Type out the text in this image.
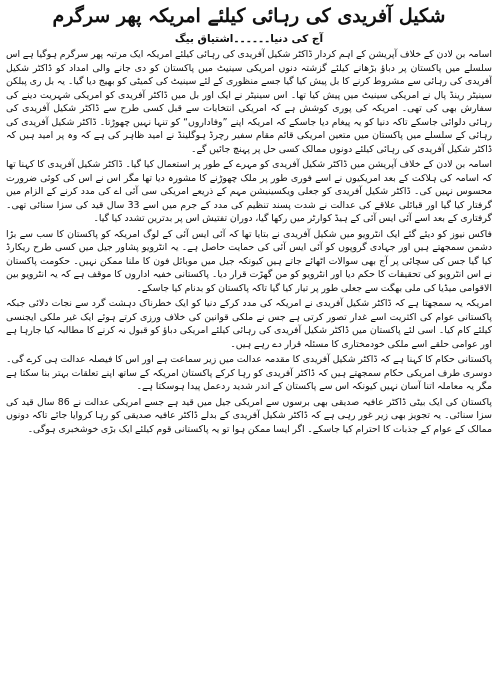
شکیل آفریدی کی رہائی کیلئے امریکہ پھر سرگرم
آج کی دنیا۔۔۔۔۔۔اشتیاق بیگ

اسامہ بن لادن کے خلاف آپریشن کے اہم کردار ڈاکٹر شکیل آفریدی کی رہائی کیلئے امریکہ ایک مرتبہ پھر سرگرم ہوگیا ہے اس سلسلے میں پاکستان پر دباؤ بڑھانے کیلئے گزشتہ دنوں امریکی سینیٹ میں پاکستان کو دی جانے والی امداد کو ڈاکٹر شکیل آفریدی کی رہائی سے مشروط کرنے کا بل پیش کیا گیا جسے منظوری کے لئے سینیٹ کی کمیٹی کو بھیج دیا گیا۔ یہ بل ری پبلکن سینیٹر رینڈ پال نے امریکی سینیٹ میں پیش کیا تھا۔ اس سینیٹر نے ایک اور بل میں ڈاکٹر آفریدی کو امریکی شہریت دینے کی سفارش بھی کی تھی۔ امریکہ کی پوری کوشش ہے کہ امریکی انتخابات سے قبل کسی طرح سے ڈاکٹر شکیل آفریدی کی رہائی دلوائی جاسکے تاکہ دنیا کو یہ پیغام دیا جاسکے کہ امریکہ اپنے ”وفاداروں“ کو تنہا نہیں چھوڑتا۔ ڈاکٹر شکیل آفریدی کی رہائی کے سلسلے میں پاکستان میں متعین امریکی قائم مقام سفیر رچرڈ ہوگلینڈ نے امید ظاہر کی ہے کہ وہ پر امید ہیں کہ ڈاکٹر شکیل آفریدی کی رہائی کیلئے دونوں ممالک کسی حل پر پہنچ جائیں گے۔

اسامہ بن لادن کے خلاف آپریشن میں ڈاکٹر شکیل آفریدی کو مہرے کے طور پر استعمال کیا گیا۔ ڈاکٹر شکیل آفریدی کا کہنا تھا کہ اسامہ کی ہلاکت کے بعد امریکیوں نے اسے فوری طور پر ملک چھوڑنے کا مشورہ دیا تھا مگر اس نے اس کی کوئی ضرورت محسوس نہیں کی۔ ڈاکٹر شکیل آفریدی کو جعلی ویکسینیشن مہم کے ذریعے امریکی سی آئی اے کی مدد کرنے کے الزام میں گرفتار کیا گیا اور قبائلی علاقے کی عدالت نے شدت پسند تنظیم کی مدد کے جرم میں اسے 33 سال قید کی سزا سنائی تھی۔ گرفتاری کے بعد اسے آئی ایس آئی کے ہیڈ کوارٹر میں رکھا گیا، دوران تفتیش اس پر بدترین تشدد کیا گیا۔

فاکس نیوز کو دیئے گئے ایک انٹرویو میں شکیل آفریدی نے بتایا تھا کہ آئی ایس آئی کے لوگ امریکہ کو پاکستان کا سب سے بڑا دشمن سمجھتے ہیں اور جہادی گروپوں کو آئی ایس آئی کی حمایت حاصل ہے۔ یہ انٹرویو پشاور جیل میں کسی طرح ریکارڈ کیا گیا جس کی سچائی پر آج بھی سوالات اٹھائے جاتے ہیں کیونکہ جیل میں موبائل فون کا ملنا ممکن نہیں۔ حکومت پاکستان نے اس انٹرویو کی تحقیقات کا حکم دیا اور انٹرویو کو من گھڑت قرار دیا۔ پاکستانی خفیہ اداروں کا موقف ہے کہ یہ انٹرویو بین الاقوامی میڈیا کی ملی بھگت سے جعلی طور پر تیار کیا گیا تاکہ پاکستان کو بدنام کیا جاسکے۔

امریکہ یہ سمجھتا ہے کہ ڈاکٹر شکیل آفریدی نے امریکہ کی مدد کرکے دنیا کو ایک خطرناک دہشت گرد سے نجات دلائی جبکہ پاکستانی عوام کی اکثریت اسے غدار تصور کرتی ہے جس نے ملکی قوانین کی خلاف ورزی کرتے ہوئے ایک غیر ملکی ایجنسی کیلئے کام کیا۔ اسی لئے پاکستان میں ڈاکٹر شکیل آفریدی کی رہائی کیلئے امریکی دباؤ کو قبول نہ کرنے کا مطالبہ کیا جارہا ہے اور عوامی حلقے اسے ملکی خودمختاری کا مسئلہ قرار دے رہے ہیں۔

پاکستانی حکام کا کہنا ہے کہ ڈاکٹر شکیل آفریدی کا مقدمہ عدالت میں زیر سماعت ہے اور اس کا فیصلہ عدالت ہی کرے گی۔ دوسری طرف امریکی حکام سمجھتے ہیں کہ ڈاکٹر آفریدی کو رہا کرکے پاکستان امریکہ کے ساتھ اپنے تعلقات بہتر بنا سکتا ہے مگر یہ معاملہ اتنا آسان نہیں کیونکہ اس سے پاکستان کے اندر شدید ردعمل پیدا ہوسکتا ہے۔

پاکستان کی ایک بیٹی ڈاکٹر عافیہ صدیقی بھی برسوں سے امریکی جیل میں قید ہے جسے امریکی عدالت نے 86 سال قید کی سزا سنائی۔ یہ تجویز بھی زیر غور رہی ہے کہ ڈاکٹر شکیل آفریدی کے بدلے ڈاکٹر عافیہ صدیقی کو رہا کروایا جائے تاکہ دونوں ممالک کے عوام کے جذبات کا احترام کیا جاسکے۔ اگر ایسا ممکن ہوا تو یہ پاکستانی قوم کیلئے ایک بڑی خوشخبری ہوگی۔
